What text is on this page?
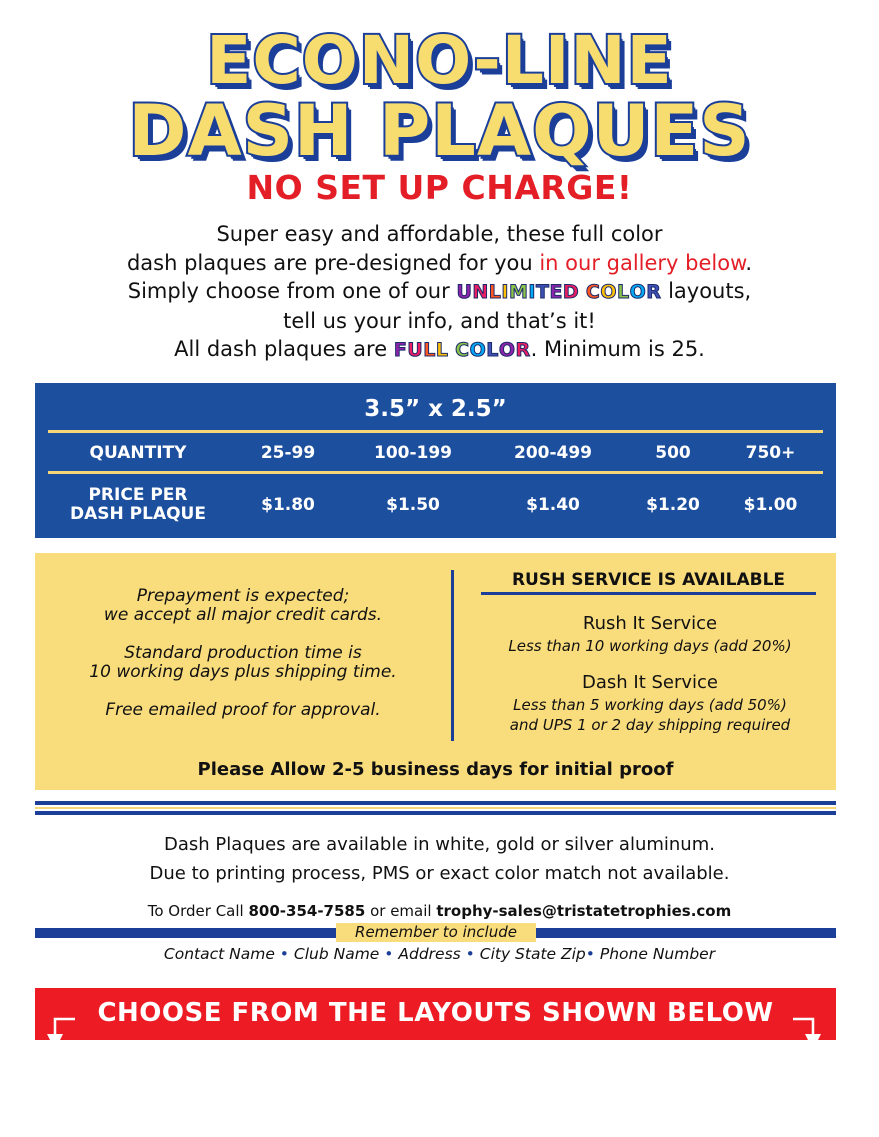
ECONO-LINE
DASH PLAQUES
NO SET UP CHARGE!
Super easy and affordable, these full color
dash plaques are pre-designed for you in our gallery below.
Simply choose from one of our UNLIMITED COLOR layouts,
tell us your info, and that’s it!
All dash plaques are FULL COLOR. Minimum is 25.
3.5” x 2.5”
QUANTITY	25-99	100-199	200-499	500	750+
PRICE PER
DASH PLAQUE	$1.80	$1.50	$1.40	$1.20	$1.00

Prepayment is expected;
we accept all major credit cards.

Standard production time is
10 working days plus shipping time.

Free emailed proof for approval.

RUSH SERVICE IS AVAILABLE
Rush It Service
Less than 10 working days (add 20%)
Dash It Service
Less than 5 working days (add 50%)
and UPS 1 or 2 day shipping required
Please Allow 2-5 business days for initial proof
Dash Plaques are available in white, gold or silver aluminum.
Due to printing process, PMS or exact color match not available.
To Order Call 800-354-7585 or email trophy-sales@tristatetrophies.com
Remember to include
Contact Name • Club Name • Address • City State Zip• Phone Number
CHOOSE FROM THE LAYOUTS SHOWN BELOW
